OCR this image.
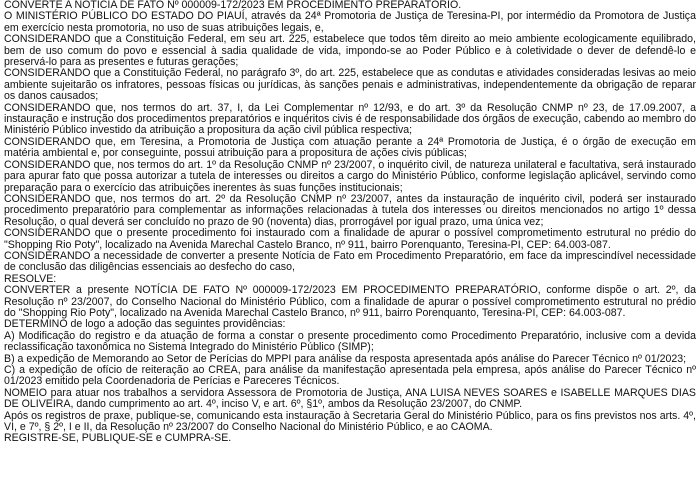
CONVERTE A NOTÍCIA DE FATO Nº 000009-172/2023 EM PROCEDIMENTO PREPARATÓRIO.

O MINISTÉRIO PÚBLICO DO ESTADO DO PIAUÍ, através da 24ª Promotoria de Justiça de Teresina-PI, por intermédio da Promotora de Justiça em exercício nesta promotoria, no uso de suas atribuições legais, e,

CONSIDERANDO que a Constituição Federal, em seu art. 225, estabelece que todos têm direito ao meio ambiente ecologicamente equilibrado, bem de uso comum do povo e essencial à sadia qualidade de vida, impondo-se ao Poder Público e à coletividade o dever de defendê-lo e preservá-lo para as presentes e futuras gerações;

CONSIDERANDO que a Constituição Federal, no parágrafo 3º, do art. 225, estabelece que as condutas e atividades consideradas lesivas ao meio ambiente sujeitarão os infratores, pessoas físicas ou jurídicas, às sanções penais e administrativas, independentemente da obrigação de reparar os danos causados;

CONSIDERANDO que, nos termos do art. 37, I, da Lei Complementar nº 12/93, e do art. 3º da Resolução CNMP nº 23, de 17.09.2007, a instauração e instrução dos procedimentos preparatórios e inquéritos civis é de responsabilidade dos órgãos de execução, cabendo ao membro do Ministério Público investido da atribuição a propositura da ação civil pública respectiva;

CONSIDERANDO que, em Teresina, a Promotoria de Justiça com atuação perante a 24ª Promotoria de Justiça, é o órgão de execução em matéria ambiental e, por conseguinte, possui atribuição para a propositura de ações civis públicas;

CONSIDERANDO que, nos termos do art. 1º da Resolução CNMP nº 23/2007, o inquérito civil, de natureza unilateral e facultativa, será instaurado para apurar fato que possa autorizar a tutela de interesses ou direitos a cargo do Ministério Público, conforme legislação aplicável, servindo como preparação para o exercício das atribuições inerentes às suas funções institucionais;

CONSIDERANDO que, nos termos do art. 2º da Resolução CNMP nº 23/2007, antes da instauração de inquérito civil, poderá ser instaurado procedimento preparatório para complementar as informações relacionadas à tutela dos interesses ou direitos mencionados no artigo 1º dessa Resolução, o qual deverá ser concluído no prazo de 90 (noventa) dias, prorrogável por igual prazo, uma única vez;

CONSIDERANDO que o presente procedimento foi instaurado com a finalidade de apurar o possível comprometimento estrutural no prédio do "Shopping Rio Poty", localizado na Avenida Marechal Castelo Branco, nº 911, bairro Porenquanto, Teresina-PI, CEP: 64.003-087.

CONSIDERANDO a necessidade de converter a presente Notícia de Fato em Procedimento Preparatório, em face da imprescindível necessidade de conclusão das diligências essenciais ao desfecho do caso,

RESOLVE:

CONVERTER a presente NOTÍCIA DE FATO Nº 000009-172/2023 EM PROCEDIMENTO PREPARATÓRIO, conforme dispõe o art. 2º, da Resolução nº 23/2007, do Conselho Nacional do Ministério Público, com a finalidade de apurar o possível comprometimento estrutural no prédio do "Shopping Rio Poty", localizado na Avenida Marechal Castelo Branco, nº 911, bairro Porenquanto, Teresina-PI, CEP: 64.003-087.

DETERMINO de logo a adoção das seguintes providências:

A) Modificação do registro e da atuação de forma a constar o presente procedimento como Procedimento Preparatório, inclusive com a devida reclassificação taxonômica no Sistema Integrado do Ministério Público (SIMP);

B) a expedição de Memorando ao Setor de Perícias do MPPI para análise da resposta apresentada após análise do Parecer Técnico nº 01/2023;

C) a expedição de ofício de reiteração ao CREA, para análise da manifestação apresentada pela empresa, após análise do Parecer Técnico nº 01/2023 emitido pela Coordenadoria de Perícias e Pareceres Técnicos.

NOMEIO para atuar nos trabalhos a servidora Assessora de Promotoria de Justiça, ANA LUISA NEVES SOARES e ISABELLE MARQUES DIAS DE OLIVEIRA, dando cumprimento ao art. 4º, inciso V, e art. 6º, §1º, ambos da Resolução 23/2007, do CNMP.

Após os registros de praxe, publique-se, comunicando esta instauração à Secretaria Geral do Ministério Público, para os fins previstos nos arts. 4º, VI, e 7º, § 2º, I e II, da Resolução nº 23/2007 do Conselho Nacional do Ministério Público, e ao CAOMA.

REGISTRE-SE, PUBLIQUE-SE e CUMPRA-SE.
